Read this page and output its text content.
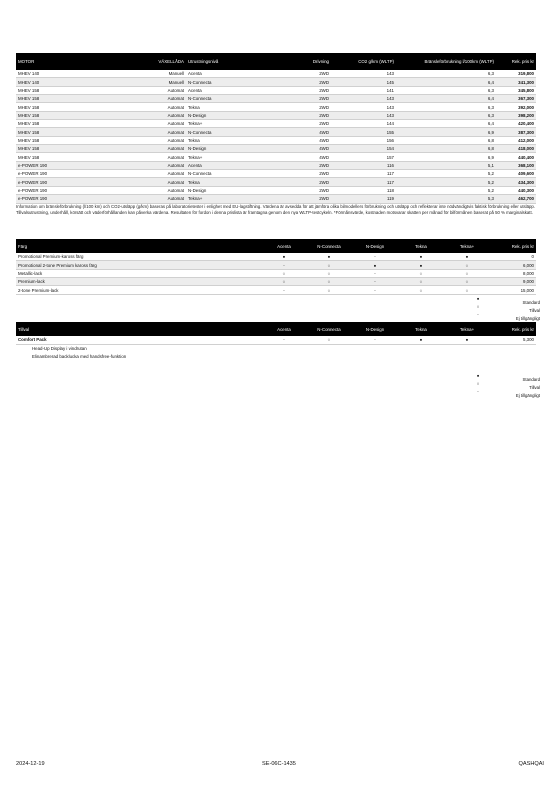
MOTOR	VÄXELLÅDA	Utrustningsnivå	Drivning	CO2 g/km (WLTP)	Bränsleförbrukning l/100km (WLTP)	Rek. pris kr
MHEV 140	Manuell	Acenta	2WD	143	6,3	319,800
MHEV 140	Manuell	N-Connecta	2WD	145	6,4	341,300
MHEV 158	Automat	Acenta	2WD	141	6,3	345,800
MHEV 158	Automat	N-Connecta	2WD	143	6,4	367,300
MHEV 158	Automat	Tekna	2WD	143	6,3	392,000
MHEV 158	Automat	N-Design	2WD	143	6,3	398,200
MHEV 158	Automat	Tekna+	2WD	144	6,4	420,400
MHEV 158	Automat	N-Connecta	4WD	155	6,9	387,300
MHEV 158	Automat	Tekna	4WD	156	6,8	412,000
MHEV 158	Automat	N-Design	4WD	154	6,8	418,000
MHEV 158	Automat	Tekna+	4WD	157	6,9	440,400
e-POWER 190	Automat	Acenta	2WD	116	5,1	368,100
e-POWER 190	Automat	N-Connecta	2WD	117	5,2	409,600
e-POWER 190	Automat	Tekna	2WD	117	5,2	434,300
e-POWER 190	Automat	N-Design	2WD	118	5,2	440,300
e-POWER 190	Automat	Tekna+	2WD	119	5,3	462,700
Information om bränsleförbrukning (l/100 km) och CO2-utsläpp (g/km) baseras på laboratorietester i enlighet med EU-lagstiftning. Värdena är avsedda för att jämföra olika bilmodellers förbrukning och utsläpp och reflekterar inte nödvändigtvis faktisk förbrukning eller utsläpp. Tillvalsutrustning, underhåll, körsätt och väderförhållanden kan påverka värdena. Resultaten för fordon i denna prislista är framtagna genom den nya WLTP-testcykeln. *Förmånsvärde, kostnaden motsvarar skatten per månad för bilförmånen baserat på 50 % marginalskatt.
Färg	Acenta	N-Connecta	N-Design	Tekna	Tekna+	Rek. pris kr
Promotional Premium-kaross färg	●	●	-	●	●	0
Promotional 2-tone Premium kaross färg	-	○	●	●	○	6,000
Metallic-lack	○	○	-	○	○	8,000
Premium-lack	○	○	-	○	○	9,000
2-tone Premium-lack	-	○	-	○	○	15,000
Tillval	Acenta	N-Connecta	N-Design	Tekna	Tekna+	Rek. pris kr
Comfort Pack	-	○	-	●	●	5,300
Head-Up Display i vindrutan						
Elinambrerad backlucka med handsfree-funktion						
2024-12-19	SE-06C-1435	QASHQAI
●
Standard
○
Tillval
-
Ej tillgängligt
●
Standard
○
Tillval
-
Ej tillgängligt
